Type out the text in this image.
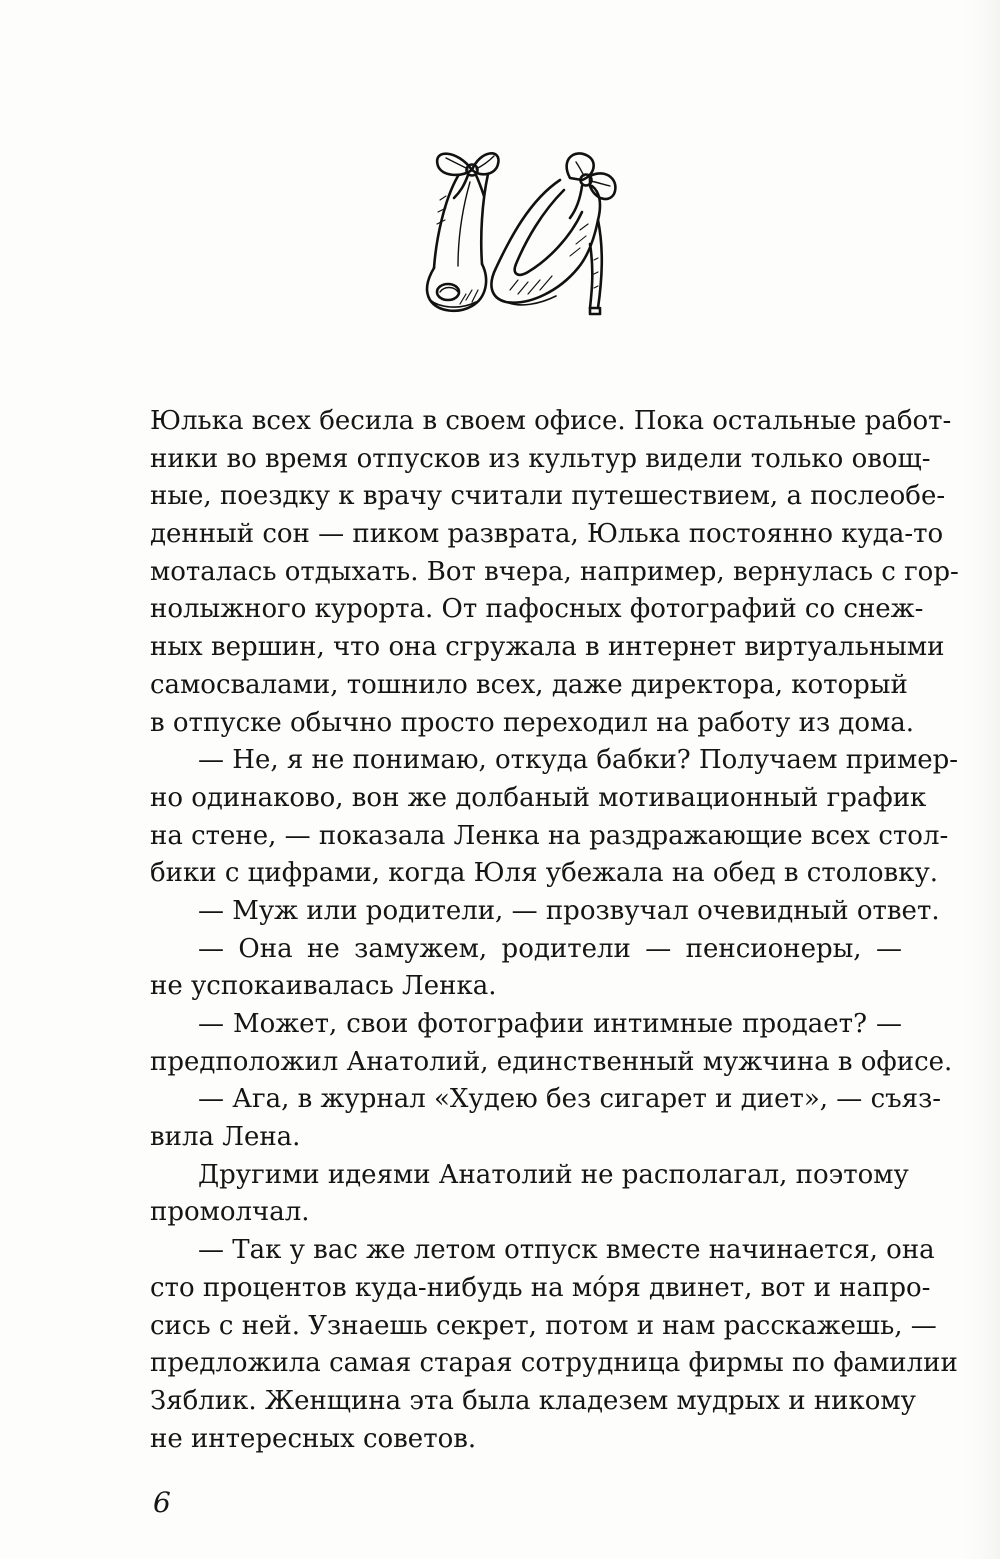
Юлька всех бесила в своем офисе. Пока остальные работ-
ники во время отпусков из культур видели только овощ-
ные, поездку к врачу считали путешествием, а послеобе-
денный сон — пиком разврата, Юлька постоянно куда-то
моталась отдыхать. Вот вчера, например, вернулась с гор-
нолыжного курорта. От пафосных фотографий со снеж-
ных вершин, что она сгружала в интернет виртуальными
самосвалами, тошнило всех, даже директора, который
в отпуске обычно просто переходил на работу из дома.
— Не, я не понимаю, откуда бабки? Получаем пример-
но одинаково, вон же долбаный мотивационный график
на стене, — показала Ленка на раздражающие всех стол-
бики с цифрами, когда Юля убежала на обед в столовку.
— Муж или родители, — прозвучал очевидный ответ.
— Она не замужем, родители — пенсионеры, —
не успокаивалась Ленка.
— Может, свои фотографии интимные продает? —
предположил Анатолий, единственный мужчина в офисе.
— Ага, в журнал «Худею без сигарет и диет», — съяз-
вила Лена.
Другими идеями Анатолий не располагал, поэтому
промолчал.
— Так у вас же летом отпуск вместе начинается, она
сто процентов куда-нибудь на мо́ря двинет, вот и напро-
сись с ней. Узнаешь секрет, потом и нам расскажешь, —
предложила самая старая сотрудница фирмы по фамилии
Зяблик. Женщина эта была кладезем мудрых и никому
не интересных советов.
6
